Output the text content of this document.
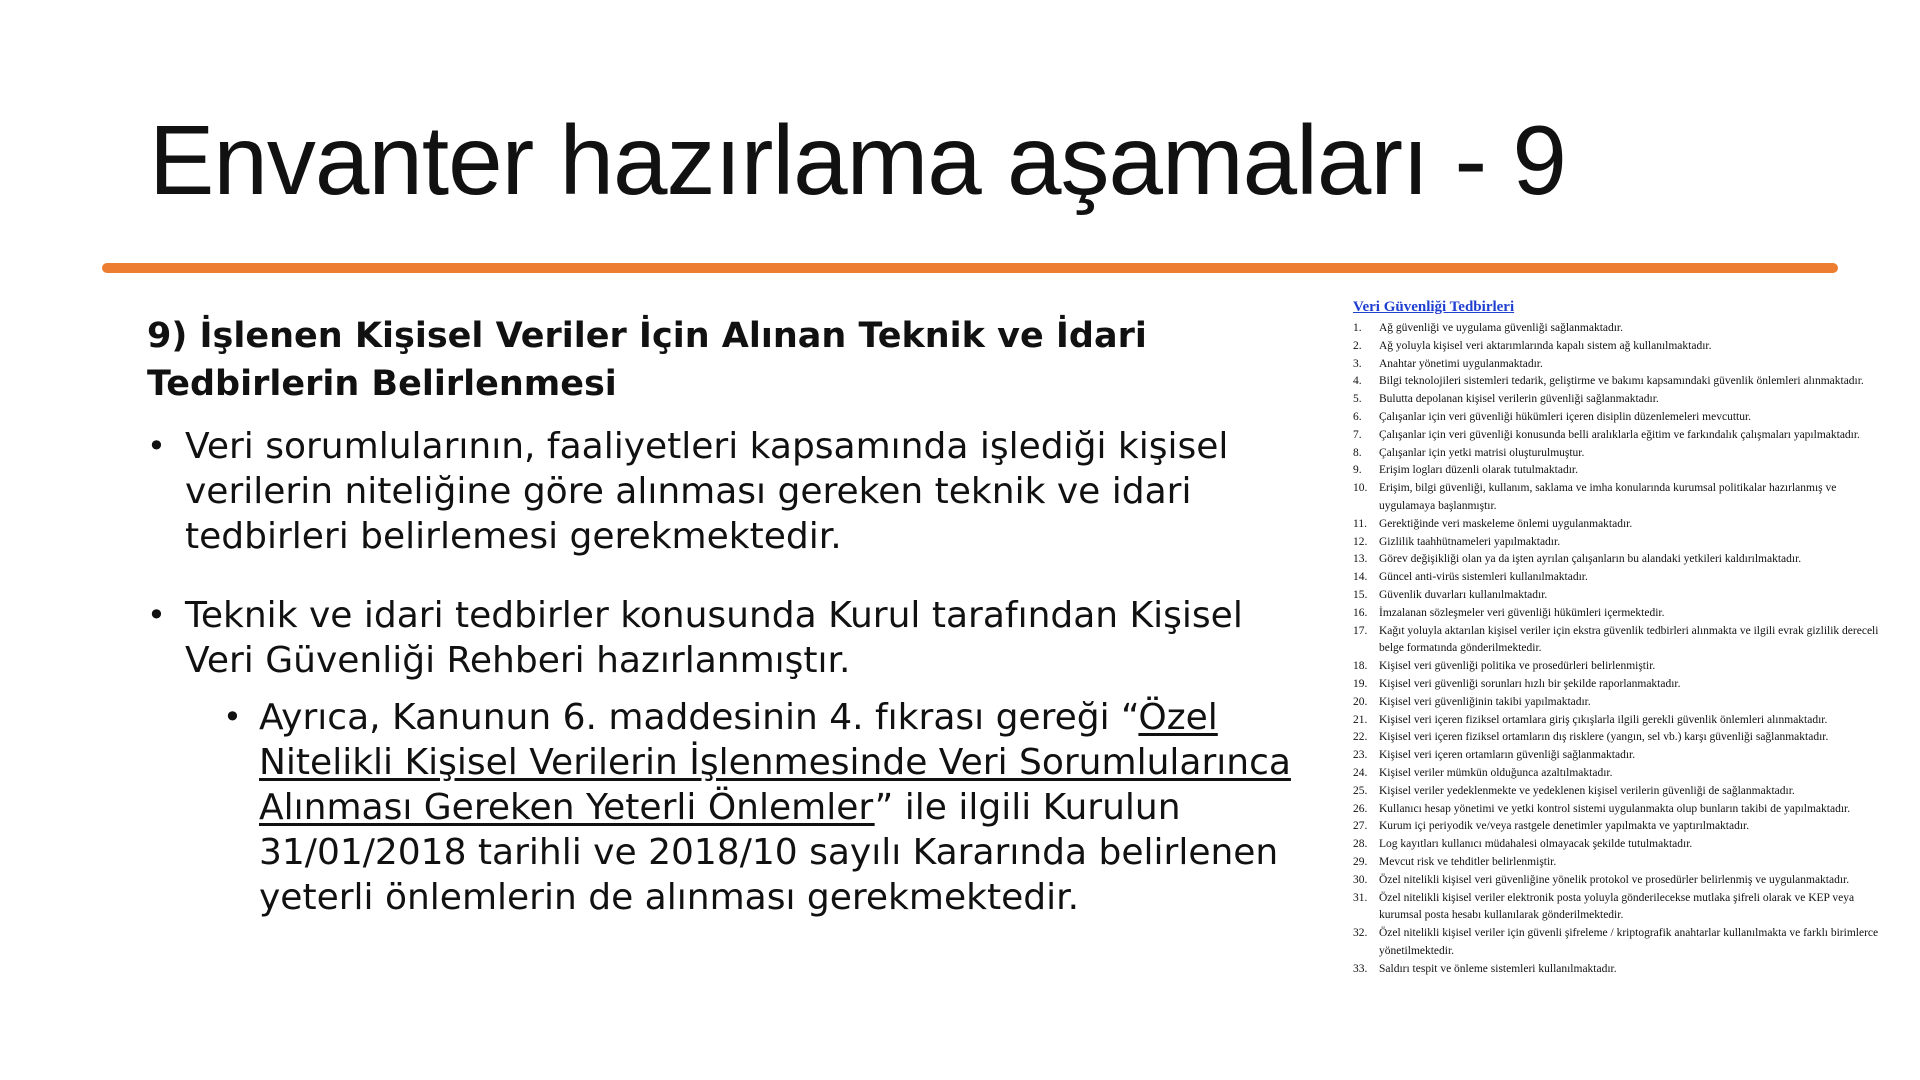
Envanter hazırlama aşamaları - 9

9) İşlenen Kişisel Veriler İçin Alınan Teknik ve İdari Tedbirlerin Belirlenmesi

• Veri sorumlularının, faaliyetleri kapsamında işlediği kişisel verilerin niteliğine göre alınması gereken teknik ve idari tedbirleri belirlemesi gerekmektedir.
• Teknik ve idari tedbirler konusunda Kurul tarafından Kişisel Veri Güvenliği Rehberi hazırlanmıştır.
• Ayrıca, Kanunun 6. maddesinin 4. fıkrası gereği “Özel Nitelikli Kişisel Verilerin İşlenmesinde Veri Sorumlularınca Alınması Gereken Yeterli Önlemler” ile ilgili Kurulun 31/01/2018 tarihli ve 2018/10 sayılı Kararında belirlenen yeterli önlemlerin de alınması gerekmektedir.

Veri Güvenliği Tedbirleri

1.	Ağ güvenliği ve uygulama güvenliği sağlanmaktadır.
2.	Ağ yoluyla kişisel veri aktarımlarında kapalı sistem ağ kullanılmaktadır.
3.	Anahtar yönetimi uygulanmaktadır.
4.	Bilgi teknolojileri sistemleri tedarik, geliştirme ve bakımı kapsamındaki güvenlik önlemleri alınmaktadır.
5.	Bulutta depolanan kişisel verilerin güvenliği sağlanmaktadır.
6.	Çalışanlar için veri güvenliği hükümleri içeren disiplin düzenlemeleri mevcuttur.
7.	Çalışanlar için veri güvenliği konusunda belli aralıklarla eğitim ve farkındalık çalışmaları yapılmaktadır.
8.	Çalışanlar için yetki matrisi oluşturulmuştur.
9.	Erişim logları düzenli olarak tutulmaktadır.
10.	Erişim, bilgi güvenliği, kullanım, saklama ve imha konularında kurumsal politikalar hazırlanmış ve uygulamaya başlanmıştır.
11.	Gerektiğinde veri maskeleme önlemi uygulanmaktadır.
12.	Gizlilik taahhütnameleri yapılmaktadır.
13.	Görev değişikliği olan ya da işten ayrılan çalışanların bu alandaki yetkileri kaldırılmaktadır.
14.	Güncel anti-virüs sistemleri kullanılmaktadır.
15.	Güvenlik duvarları kullanılmaktadır.
16.	İmzalanan sözleşmeler veri güvenliği hükümleri içermektedir.
17.	Kağıt yoluyla aktarılan kişisel veriler için ekstra güvenlik tedbirleri alınmakta ve ilgili evrak gizlilik dereceli belge formatında gönderilmektedir.
18.	Kişisel veri güvenliği politika ve prosedürleri belirlenmiştir.
19.	Kişisel veri güvenliği sorunları hızlı bir şekilde raporlanmaktadır.
20.	Kişisel veri güvenliğinin takibi yapılmaktadır.
21.	Kişisel veri içeren fiziksel ortamlara giriş çıkışlarla ilgili gerekli güvenlik önlemleri alınmaktadır.
22.	Kişisel veri içeren fiziksel ortamların dış risklere (yangın, sel vb.) karşı güvenliği sağlanmaktadır.
23.	Kişisel veri içeren ortamların güvenliği sağlanmaktadır.
24.	Kişisel veriler mümkün olduğunca azaltılmaktadır.
25.	Kişisel veriler yedeklenmekte ve yedeklenen kişisel verilerin güvenliği de sağlanmaktadır.
26.	Kullanıcı hesap yönetimi ve yetki kontrol sistemi uygulanmakta olup bunların takibi de yapılmaktadır.
27.	Kurum içi periyodik ve/veya rastgele denetimler yapılmakta ve yaptırılmaktadır.
28.	Log kayıtları kullanıcı müdahalesi olmayacak şekilde tutulmaktadır.
29.	Mevcut risk ve tehditler belirlenmiştir.
30.	Özel nitelikli kişisel veri güvenliğine yönelik protokol ve prosedürler belirlenmiş ve uygulanmaktadır.
31.	Özel nitelikli kişisel veriler elektronik posta yoluyla gönderilecekse mutlaka şifreli olarak ve KEP veya kurumsal posta hesabı kullanılarak gönderilmektedir.
32.	Özel nitelikli kişisel veriler için güvenli şifreleme / kriptografik anahtarlar kullanılmakta ve farklı birimlerce yönetilmektedir.
33.	Saldırı tespit ve önleme sistemleri kullanılmaktadır.
